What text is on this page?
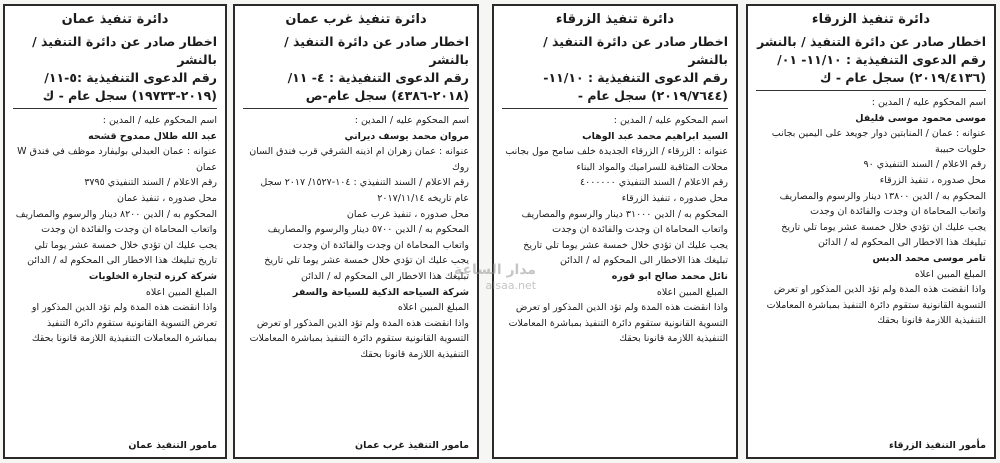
دائرة تنفيذ الزرقاء
اخطار صادر عن دائرة التنفيذ / بالنشر
رقم الدعوى التنفيذية : ١١/١٠- ٠١/
(٢٠١٩/٤١٣٦) سجل عام - ك
اسم المحكوم عليه / المدين :
موسى محمود موسى فليفل
عنوانه : عمان / المنابتين دوار جويعد على اليمين بجانب حلويات حبيبة
رقم الاعلام / السند التنفيذي ٩٠
محل صدوره ، تنفيذ الزرقاء
المحكوم به / الدين ١٣٨٠٠ دينار والرسوم والمصاريف واتعاب المحاماة ان وجدت والفائدة ان وجدت
يجب عليك ان تؤدي خلال خمسة عشر يوما تلي تاريخ تبليغك هذا الاخطار الى المحكوم له / الدائن
تامر موسى محمد الدبس
المبلغ المبين اعلاه
واذا انقضت هذه المدة ولم تؤد الدين المذكور او تعرض التسوية القانونية ستقوم دائرة التنفيذ بمباشرة المعاملات التنفيذية اللازمة قانونا بحقك
مأمور التنفيذ الزرقاء
دائرة تنفيذ الزرقاء
اخطار صادر عن دائرة التنفيذ / بالنشر
رقم الدعوى التنفيذية : ١١/١٠-
(٢٠١٩/٧٦٤٤) سجل عام -
اسم المحكوم عليه / المدين :
السيد ابراهيم محمد عبد الوهاب
عنوانه : الزرقاء / الزرقاء الجديدة خلف سامح مول بجانب محلات المثاقبة للسراميك والمواد البناء
رقم الاعلام / السند التنفيذي ٤٠٠٠٠٠٠
محل صدوره ، تنفيذ الزرقاء
المحكوم به / الدين ٣١٠٠٠ دينار والرسوم والمصاريف واتعاب المحاماة ان وجدت والفائدة ان وجدت
يجب عليك ان تؤدي خلال خمسة عشر يوما تلي تاريخ تبليغك هذا الاخطار الى المحكوم له / الدائن
نائل محمد صالح ابو قوره
المبلغ المبين اعلاه
واذا انقضت هذه المدة ولم تؤد الدين المذكور او تعرض التسوية القانونية ستقوم دائرة التنفيذ بمباشرة المعاملات التنفيذية اللازمة قانونا بحقك
دائرة تنفيذ غرب عمان
اخطار صادر عن دائرة التنفيذ / بالنشر
رقم الدعوى التنفيذية : ٤- ١١/
(٢٠١٨-٤٣٨٦) سجل عام-ص
اسم المحكوم عليه / المدين :
مروان محمد يوسف ديراني
عنوانه : عمان زهران ام اذينه الشرقي قرب فندق السان روك
رقم الاعلام / السند التنفيذي : ١٠٤-١٥٢٧/ ٢٠١٧ سجل عام تاريخه ٢٠١٧/١١/١٤
محل صدوره ، تنفيذ غرب عمان
المحكوم به / الدين ٥٧٠٠ دينار والرسوم والمصاريف واتعاب المحاماة ان وجدت والفائدة ان وجدت
يجب عليك ان تؤدي خلال خمسة عشر يوما تلي تاريخ تبليغك هذا الاخطار الى المحكوم له / الدائن
شركة السياحه الذكية للسياحة والسفر
المبلغ المبين اعلاه
واذا انقضت هذه المدة ولم تؤد الدين المذكور او تعرض التسوية القانونية ستقوم دائرة التنفيذ بمباشرة المعاملات التنفيذية اللازمة قانونا بحقك
مامور التنفيذ غرب عمان
دائرة تنفيذ عمان
اخطار صادر عن دائرة التنفيذ / بالنشر
رقم الدعوى التنفيذية :٥-١١/
(٢٠١٩-١٩٧٣٣) سجل عام - ك
اسم المحكوم عليه / المدين :
عبد الله طلال ممدوح قشحه
عنوانه : عمان العبدلي بوليفارد موظف في فندق W عمان
رقم الاعلام / السند التنفيذي ٣٧٩٥
محل صدوره ، تنفيذ عمان
المحكوم به / الدين ٨٢٠٠ دينار والرسوم والمصاريف واتعاب المحاماة ان وجدت والفائدة ان وجدت
يجب عليك ان تؤدي خلال خمسة عشر يوما تلي تاريخ تبليغك هذا الاخطار الى المحكوم له / الدائن
شركة كرزه لتجارة الخلويات
المبلغ المبين اعلاه
واذا انقضت هذه المدة ولم تؤد الدين المذكور او تعرض التسوية القانونية ستقوم دائرة التنفيذ بمباشرة المعاملات التنفيذية اللازمة قانونا بحقك
مامور التنفيذ عمان
مدار الساعة
alsaa.net
